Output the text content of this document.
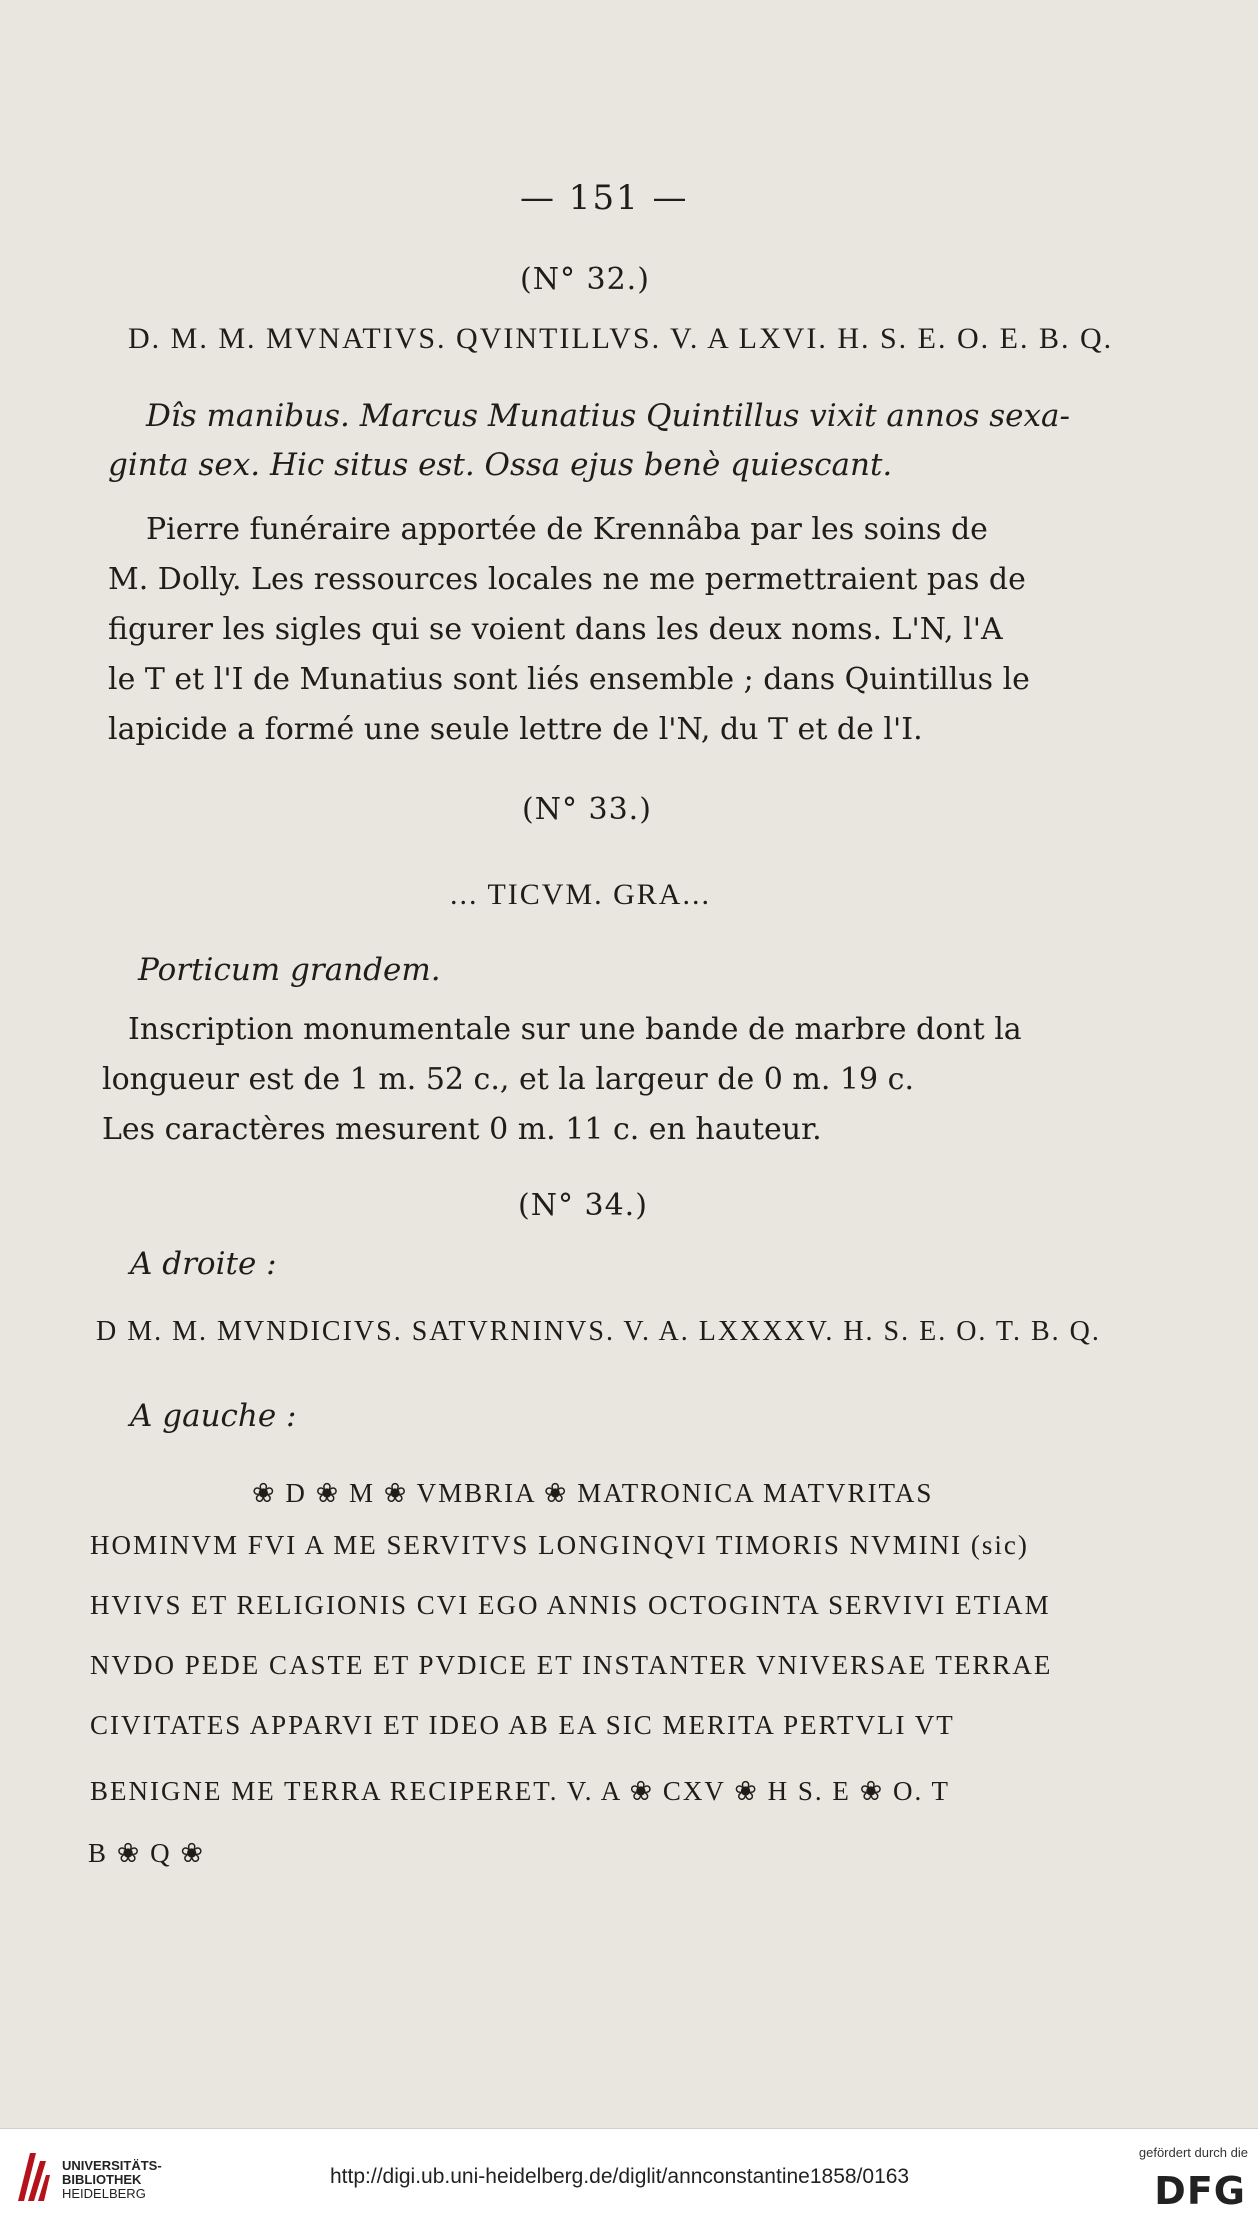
— 151 —
(N° 32.)
D. M. M. MVNATIVS. QVINTILLVS. V. A LXVI. H. S. E. O. E. B. Q.
Dîs manibus. Marcus Munatius Quintillus vixit annos sexa-
ginta sex. Hic situs est. Ossa ejus benè quiescant.
Pierre funéraire apportée de Krennâba par les soins de
M. Dolly. Les ressources locales ne me permettraient pas de
figurer les sigles qui se voient dans les deux noms. L'N, l'A
le T et l'I de Munatius sont liés ensemble ; dans Quintillus le
lapicide a formé une seule lettre de l'N, du T et de l'I.
(N° 33.)
... TICVM. GRA...
Porticum grandem.
Inscription monumentale sur une bande de marbre dont la
longueur est de 1 m. 52 c., et la largeur de 0 m. 19 c.
Les caractères mesurent 0 m. 11 c. en hauteur.
(N° 34.)
A droite :
D M. M. MVNDICIVS. SATVRNINVS. V. A. LXXXXV. H. S. E. O. T. B. Q.
A gauche :
❀ D ❀ M ❀ VMBRIA ❀ MATRONICA MATVRITAS
HOMINVM FVI A ME SERVITVS LONGINQVI TIMORIS NVMINI (sic)
HVIVS ET RELIGIONIS CVI EGO ANNIS OCTOGINTA SERVIVI ETIAM
NVDO PEDE CASTE ET PVDICE ET INSTANTER VNIVERSAE TERRAE
CIVITATES APPARVI ET IDEO AB EA SIC MERITA PERTVLI VT
BENIGNE ME TERRA RECIPERET. V. A ❀ CXV ❀ H S. E ❀ O. T
B ❀ Q ❀
UNIVERSITÄTS-
BIBLIOTHEK
HEIDELBERG
http://digi.ub.uni-heidelberg.de/diglit/annconstantine1858/0163
gefördert durch die
DFG
